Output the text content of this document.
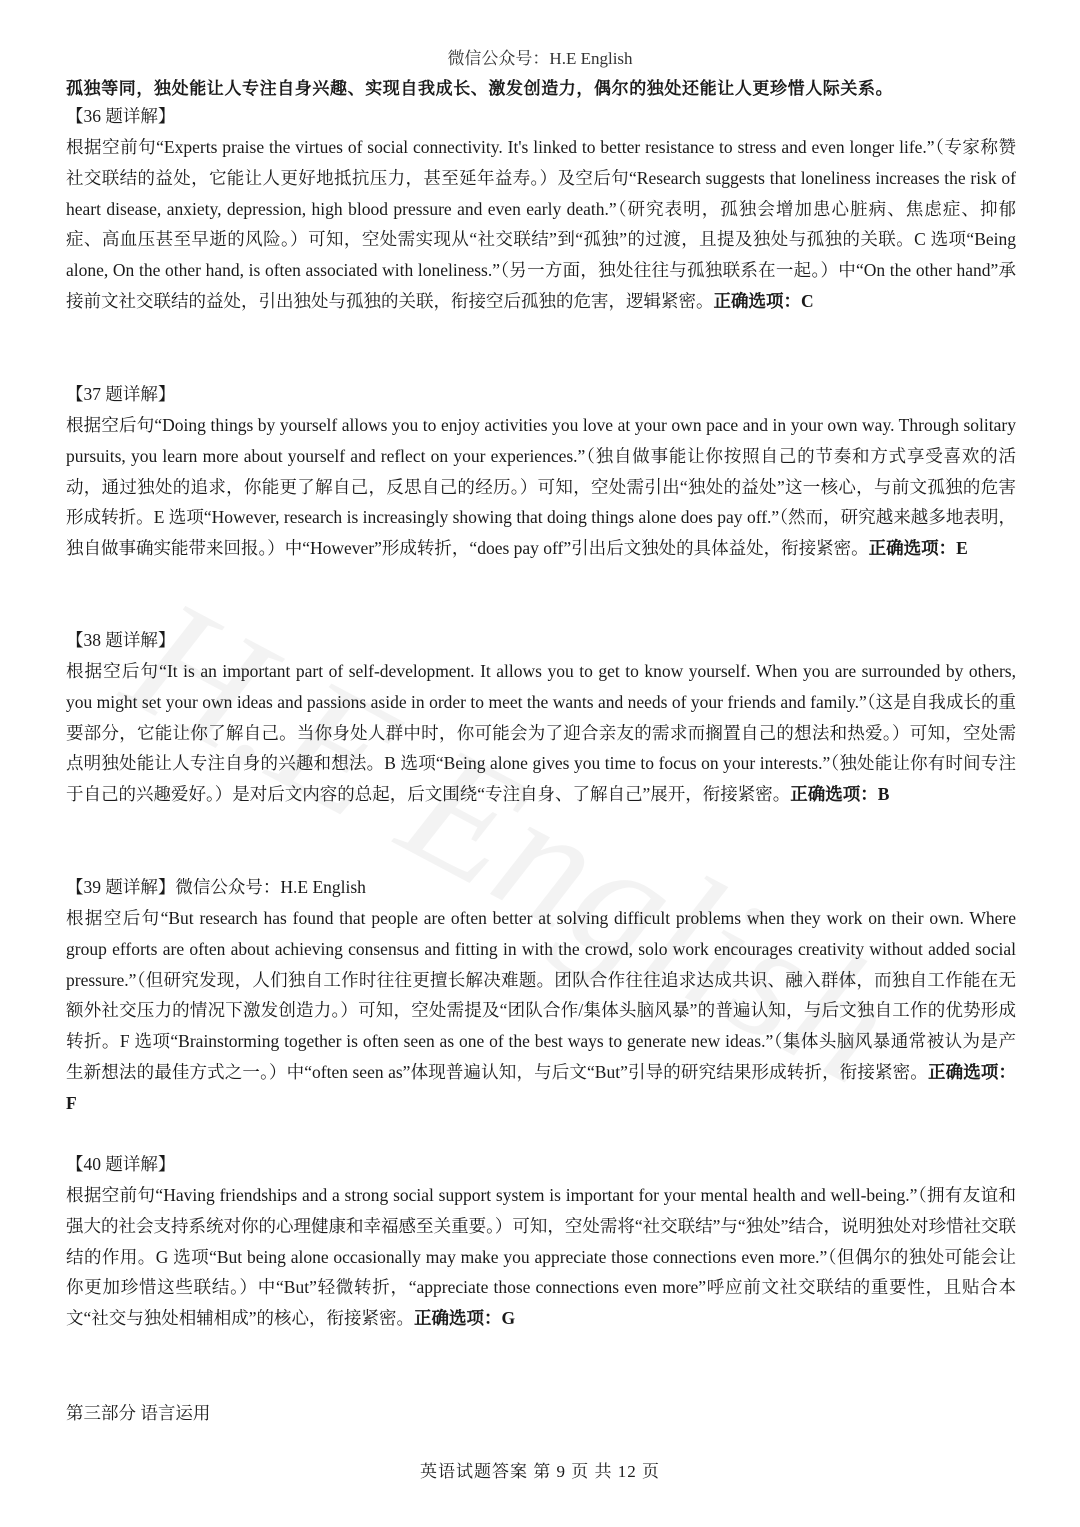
微信公众号：H.E English
孤独等同，独处能让人专注自身兴趣、实现自我成长、激发创造力，偶尔的独处还能让人更珍惜人际关系。
【36 题详解】
根据空前句“Experts praise the virtues of social connectivity. It's linked to better resistance to stress and even longer life.”（专家称赞社交联结的益处，它能让人更好地抵抗压力，甚至延年益寿。）及空后句“Research suggests that loneliness increases the risk of heart disease, anxiety, depression, high blood pressure and even early death.”（研究表明，孤独会增加患心脏病、焦虑症、抑郁症、高血压甚至早逝的风险。）可知，空处需实现从“社交联结”到“孤独”的过渡，且提及独处与孤独的关联。C 选项“Being alone, On the other hand, is often associated with loneliness.”（另一方面，独处往往与孤独联系在一起。）中“On the other hand”承接前文社交联结的益处，引出独处与孤独的关联，衔接空后孤独的危害，逻辑紧密。正确选项：C
【37 题详解】
根据空后句“Doing things by yourself allows you to enjoy activities you love at your own pace and in your own way. Through solitary pursuits, you learn more about yourself and reflect on your experiences.”（独自做事能让你按照自己的节奏和方式享受喜欢的活动，通过独处的追求，你能更了解自己，反思自己的经历。）可知，空处需引出“独处的益处”这一核心，与前文孤独的危害形成转折。E 选项“However, research is increasingly showing that doing things alone does pay off.”（然而，研究越来越多地表明，独自做事确实能带来回报。）中“However”形成转折，“does pay off”引出后文独处的具体益处，衔接紧密。正确选项：E
【38 题详解】
根据空后句“It is an important part of self-development. It allows you to get to know yourself. When you are surrounded by others, you might set your own ideas and passions aside in order to meet the wants and needs of your friends and family.”（这是自我成长的重要部分，它能让你了解自己。当你身处人群中时，你可能会为了迎合亲友的需求而搁置自己的想法和热爱。）可知，空处需点明独处能让人专注自身的兴趣和想法。B 选项“Being alone gives you time to focus on your interests.”（独处能让你有时间专注于自己的兴趣爱好。）是对后文内容的总起，后文围绕“专注自身、了解自己”展开，衔接紧密。正确选项：B
【39 题详解】微信公众号：H.E English
根据空后句“But research has found that people are often better at solving difficult problems when they work on their own. Where group efforts are often about achieving consensus and fitting in with the crowd, solo work encourages creativity without added social pressure.”（但研究发现，人们独自工作时往往更擅长解决难题。团队合作往往追求达成共识、融入群体，而独自工作能在无额外社交压力的情况下激发创造力。）可知，空处需提及“团队合作/集体头脑风暴”的普遍认知，与后文独自工作的优势形成转折。F 选项“Brainstorming together is often seen as one of the best ways to generate new ideas.”（集体头脑风暴通常被认为是产生新想法的最佳方式之一。）中“often seen as”体现普遍认知，与后文“But”引导的研究结果形成转折，衔接紧密。正确选项：F
【40 题详解】
根据空前句“Having friendships and a strong social support system is important for your mental health and well-being.”（拥有友谊和强大的社会支持系统对你的心理健康和幸福感至关重要。）可知，空处需将“社交联结”与“独处”结合，说明独处对珍惜社交联结的作用。G 选项“But being alone occasionally may make you appreciate those connections even more.”（但偶尔的独处可能会让你更加珍惜这些联结。）中“But”轻微转折，“appreciate those connections even more”呼应前文社交联结的重要性，且贴合本文“社交与独处相辅相成”的核心，衔接紧密。正确选项：G
第三部分 语言运用
英语试题答案 第 9 页 共 12 页
